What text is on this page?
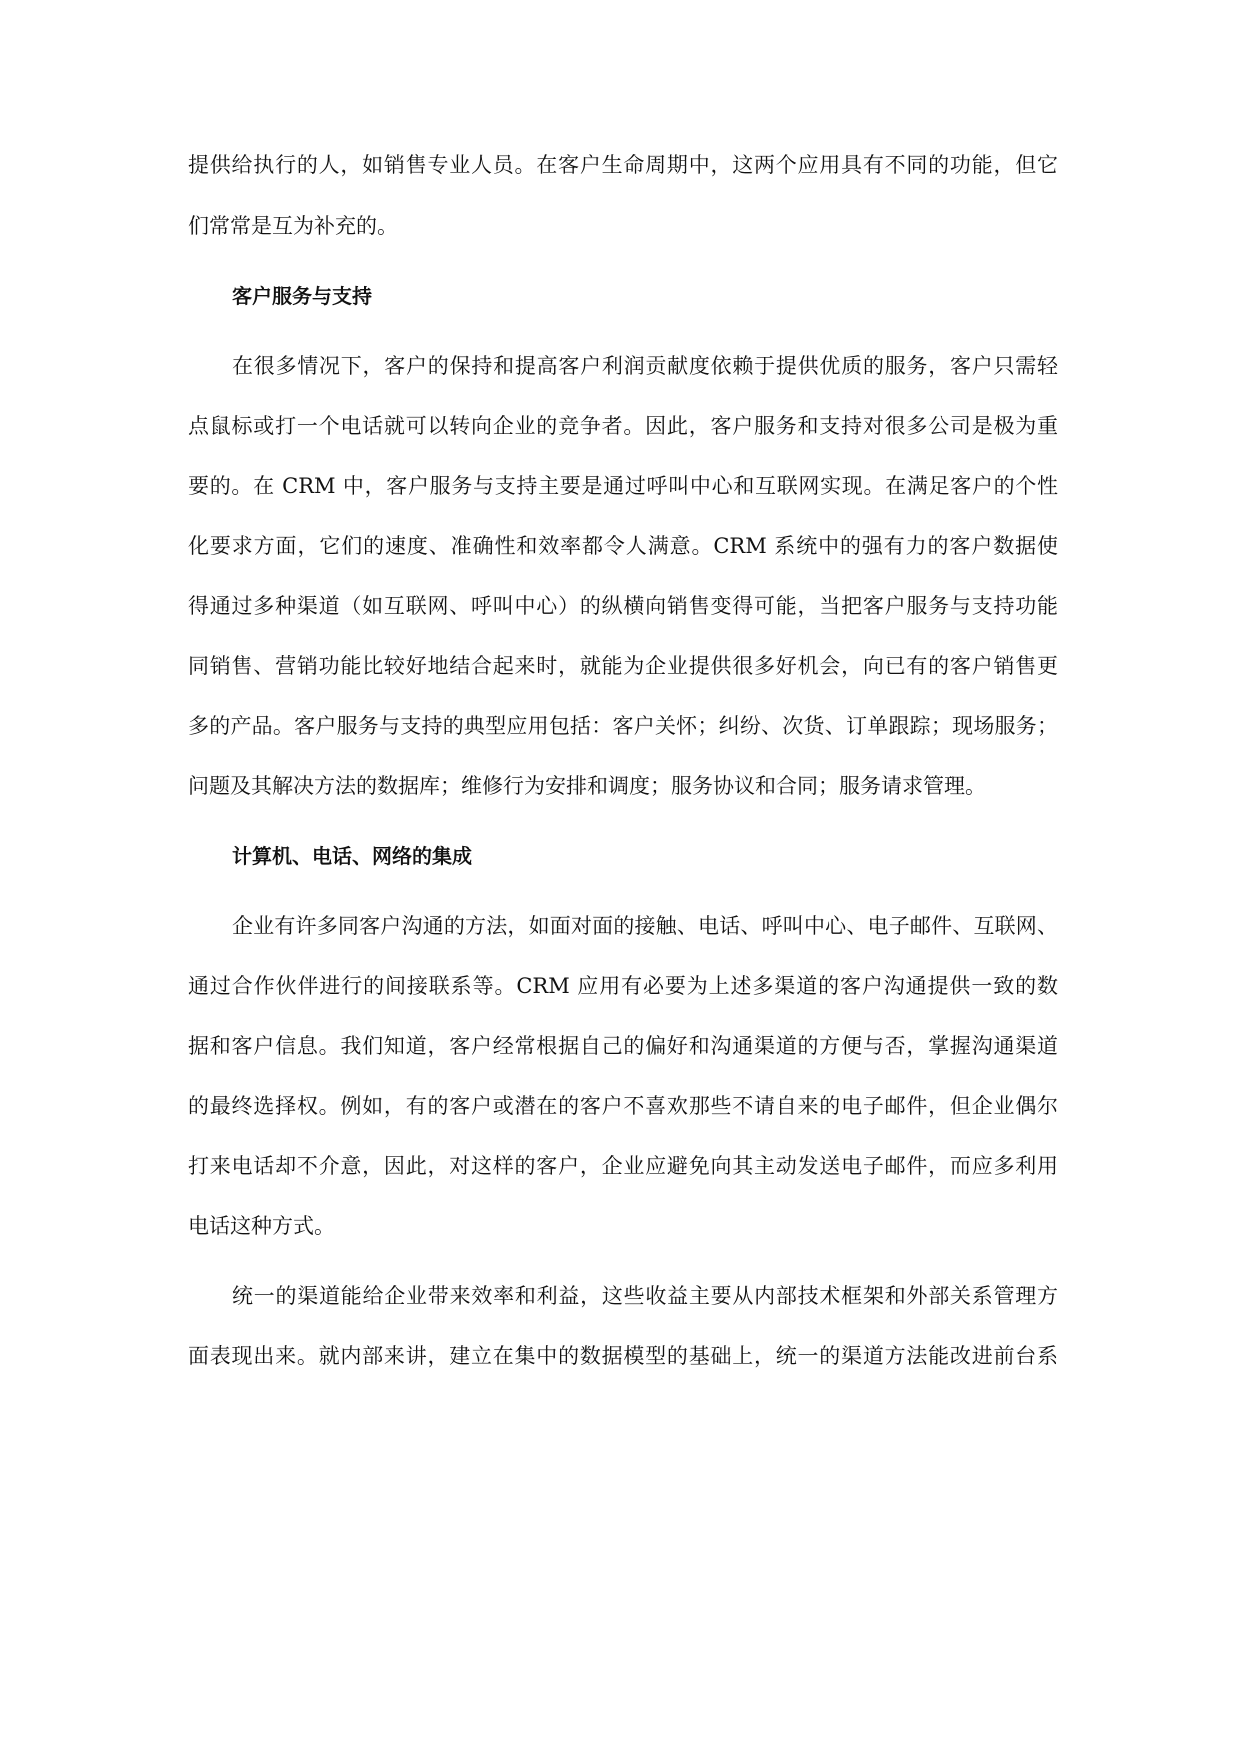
提供给执行的人，如销售专业人员。在客户生命周期中，这两个应用具有不同的功能，但它
们常常是互为补充的。
客户服务与支持
在很多情况下，客户的保持和提高客户利润贡献度依赖于提供优质的服务，客户只需轻
点鼠标或打一个电话就可以转向企业的竞争者。因此，客户服务和支持对很多公司是极为重
要的。在 CRM 中，客户服务与支持主要是通过呼叫中心和互联网实现。在满足客户的个性
化要求方面，它们的速度、准确性和效率都令人满意。CRM 系统中的强有力的客户数据使
得通过多种渠道（如互联网、呼叫中心）的纵横向销售变得可能，当把客户服务与支持功能
同销售、营销功能比较好地结合起来时，就能为企业提供很多好机会，向已有的客户销售更
多的产品。客户服务与支持的典型应用包括：客户关怀；纠纷、次货、订单跟踪；现场服务；
问题及其解决方法的数据库；维修行为安排和调度；服务协议和合同；服务请求管理。
计算机、电话、网络的集成
企业有许多同客户沟通的方法，如面对面的接触、电话、呼叫中心、电子邮件、互联网、
通过合作伙伴进行的间接联系等。CRM 应用有必要为上述多渠道的客户沟通提供一致的数
据和客户信息。我们知道，客户经常根据自己的偏好和沟通渠道的方便与否，掌握沟通渠道
的最终选择权。例如，有的客户或潜在的客户不喜欢那些不请自来的电子邮件，但企业偶尔
打来电话却不介意，因此，对这样的客户，企业应避免向其主动发送电子邮件，而应多利用
电话这种方式。
统一的渠道能给企业带来效率和利益，这些收益主要从内部技术框架和外部关系管理方
面表现出来。就内部来讲，建立在集中的数据模型的基础上，统一的渠道方法能改进前台系
